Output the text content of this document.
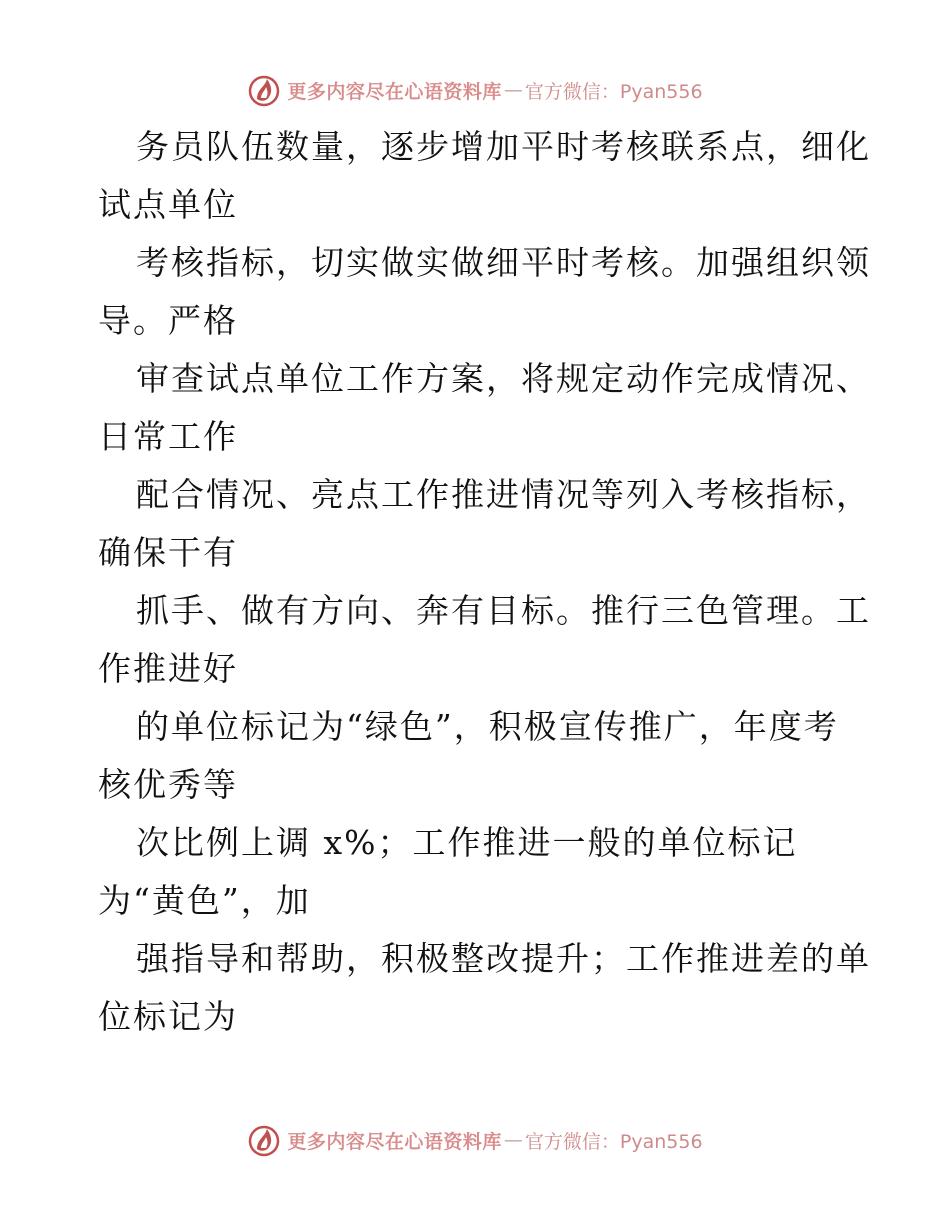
更多内容尽在心语资料库 — 官方微信：Pyan556
务员队伍数量，逐步增加平时考核联系点，细化
试点单位
考核指标，切实做实做细平时考核。加强组织领
导。严格
审查试点单位工作方案，将规定动作完成情况、
日常工作
配合情况、亮点工作推进情况等列入考核指标，
确保干有
抓手、做有方向、奔有目标。推行三色管理。工
作推进好
的单位标记为“绿色”，积极宣传推广，年度考
核优秀等
次比例上调 x%；工作推进一般的单位标记
为“黄色”，加
强指导和帮助，积极整改提升；工作推进差的单
位标记为
更多内容尽在心语资料库 — 官方微信：Pyan556
